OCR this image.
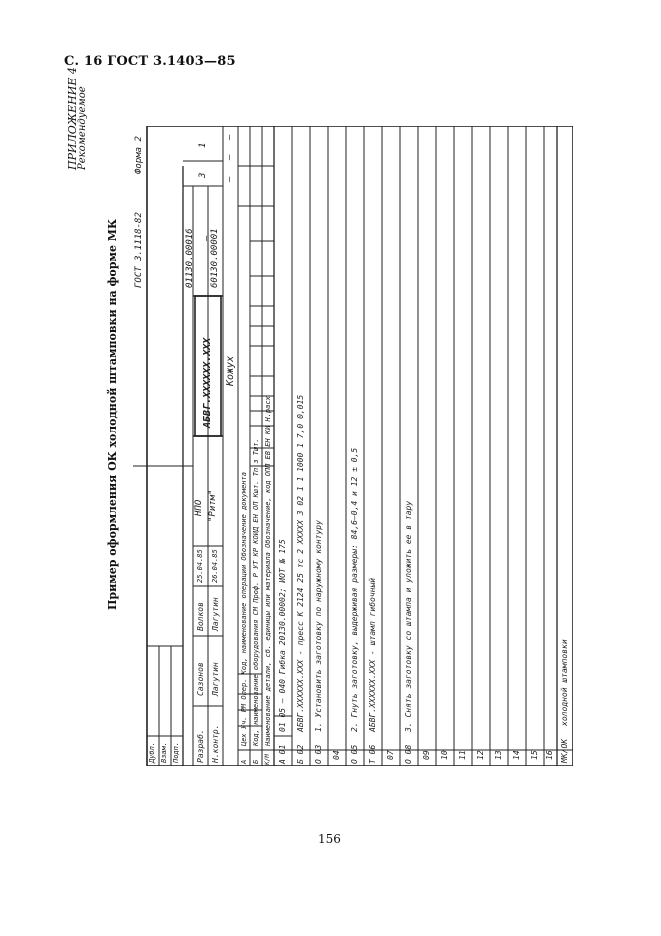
С. 16 ГОСТ 3.1403—85
ПРИЛОЖЕНИЕ 4
Рекомендуемое
Пример оформления ОК холодной штамповки на форме МК
156
ГОСТ 3.1118-82
Форма 2
Дубл. Взам. Подп.
01130.00016 60130.00001
3
1
Разраб.
Сазонов
Волков
25.04.85
Н.контр.
Лагутин
Лагутин
26.04.85
НПО "Ритм"
АБВГ.XXXXXX.XXX
—
Кожух
—
—
—
А Б К/М
Цех Уч. РМ Опер. Код, наименование операции Обозначение документа Код, наименование оборудования СМ Проф. Р УТ КР КОИД ЕН ОП Кшт. Тп.з Тшт. Наименование детали, сб. единицы или материала Обозначение, код ОПП ЕВ ЕН КИ Н.расх
А 01
01 05 – 040 Гибка 20130.00002; ИОТ № 175
Б 02
АБВГ.XXXXXX.XXX - пресс К 2124 25 тс 2 XXXXX 3 02 1 1 1000 1 7,0 0,015
О 03
1. Установить заготовку по наружному контуру
04 О 05
2. Гнуть заготовку, выдерживая размеры: 84,6–0,4 и 12 ± 0,5
Т 06
АБВГ.XXXXXX.XXX - штамп гибочный
07 О 08
3. Снять заготовку со штампа и уложить ее в тару
09 10 11 12 13 14 15 16 МК/ОК
холодной штамповки
